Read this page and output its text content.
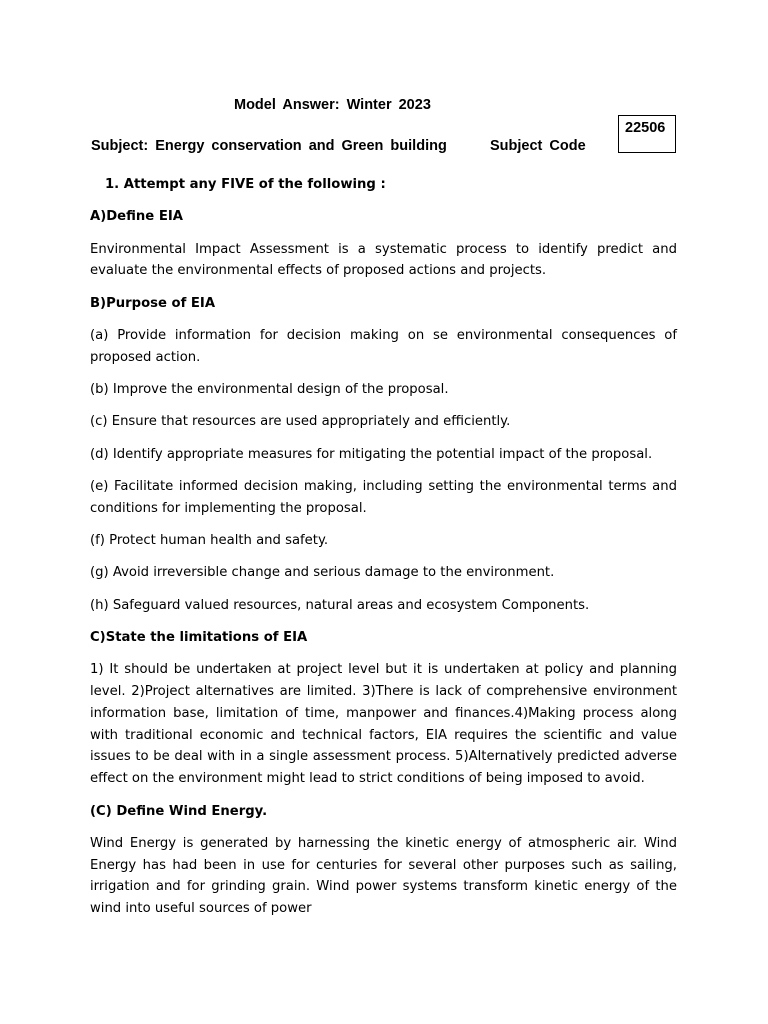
Model Answer: Winter 2023
Subject: Energy conservation and Green building	Subject Code
22506

1. Attempt any FIVE of the following :

A)Define EIA

Environmental Impact Assessment is a systematic process to identify predict and evaluate the environmental effects of proposed actions and projects.

B)Purpose of EIA

(a) Provide information for decision making on se environmental consequences of proposed action.

(b) Improve the environmental design of the proposal.

(c) Ensure that resources are used appropriately and efficiently.

(d) Identify appropriate measures for mitigating the potential impact of the proposal.

(e) Facilitate informed decision making, including setting the environmental terms and conditions for implementing the proposal.

(f) Protect human health and safety.

(g) Avoid irreversible change and serious damage to the environment.

(h) Safeguard valued resources, natural areas and ecosystem Components.

C)State the limitations of EIA

1) It should be undertaken at project level but it is undertaken at policy and planning level. 2)Project alternatives are limited. 3)There is lack of comprehensive environment information base, limitation of time, manpower and finances.4)Making process along with traditional economic and technical factors, EIA requires the scientific and value issues to be deal with in a single assessment process. 5)Alternatively predicted adverse effect on the environment might lead to strict conditions of being imposed to avoid.

(C) Define Wind Energy.

Wind Energy is generated by harnessing the kinetic energy of atmospheric air. Wind Energy has had been in use for centuries for several other purposes such as sailing, irrigation and for grinding grain. Wind power systems transform kinetic energy of the wind into useful sources of power
